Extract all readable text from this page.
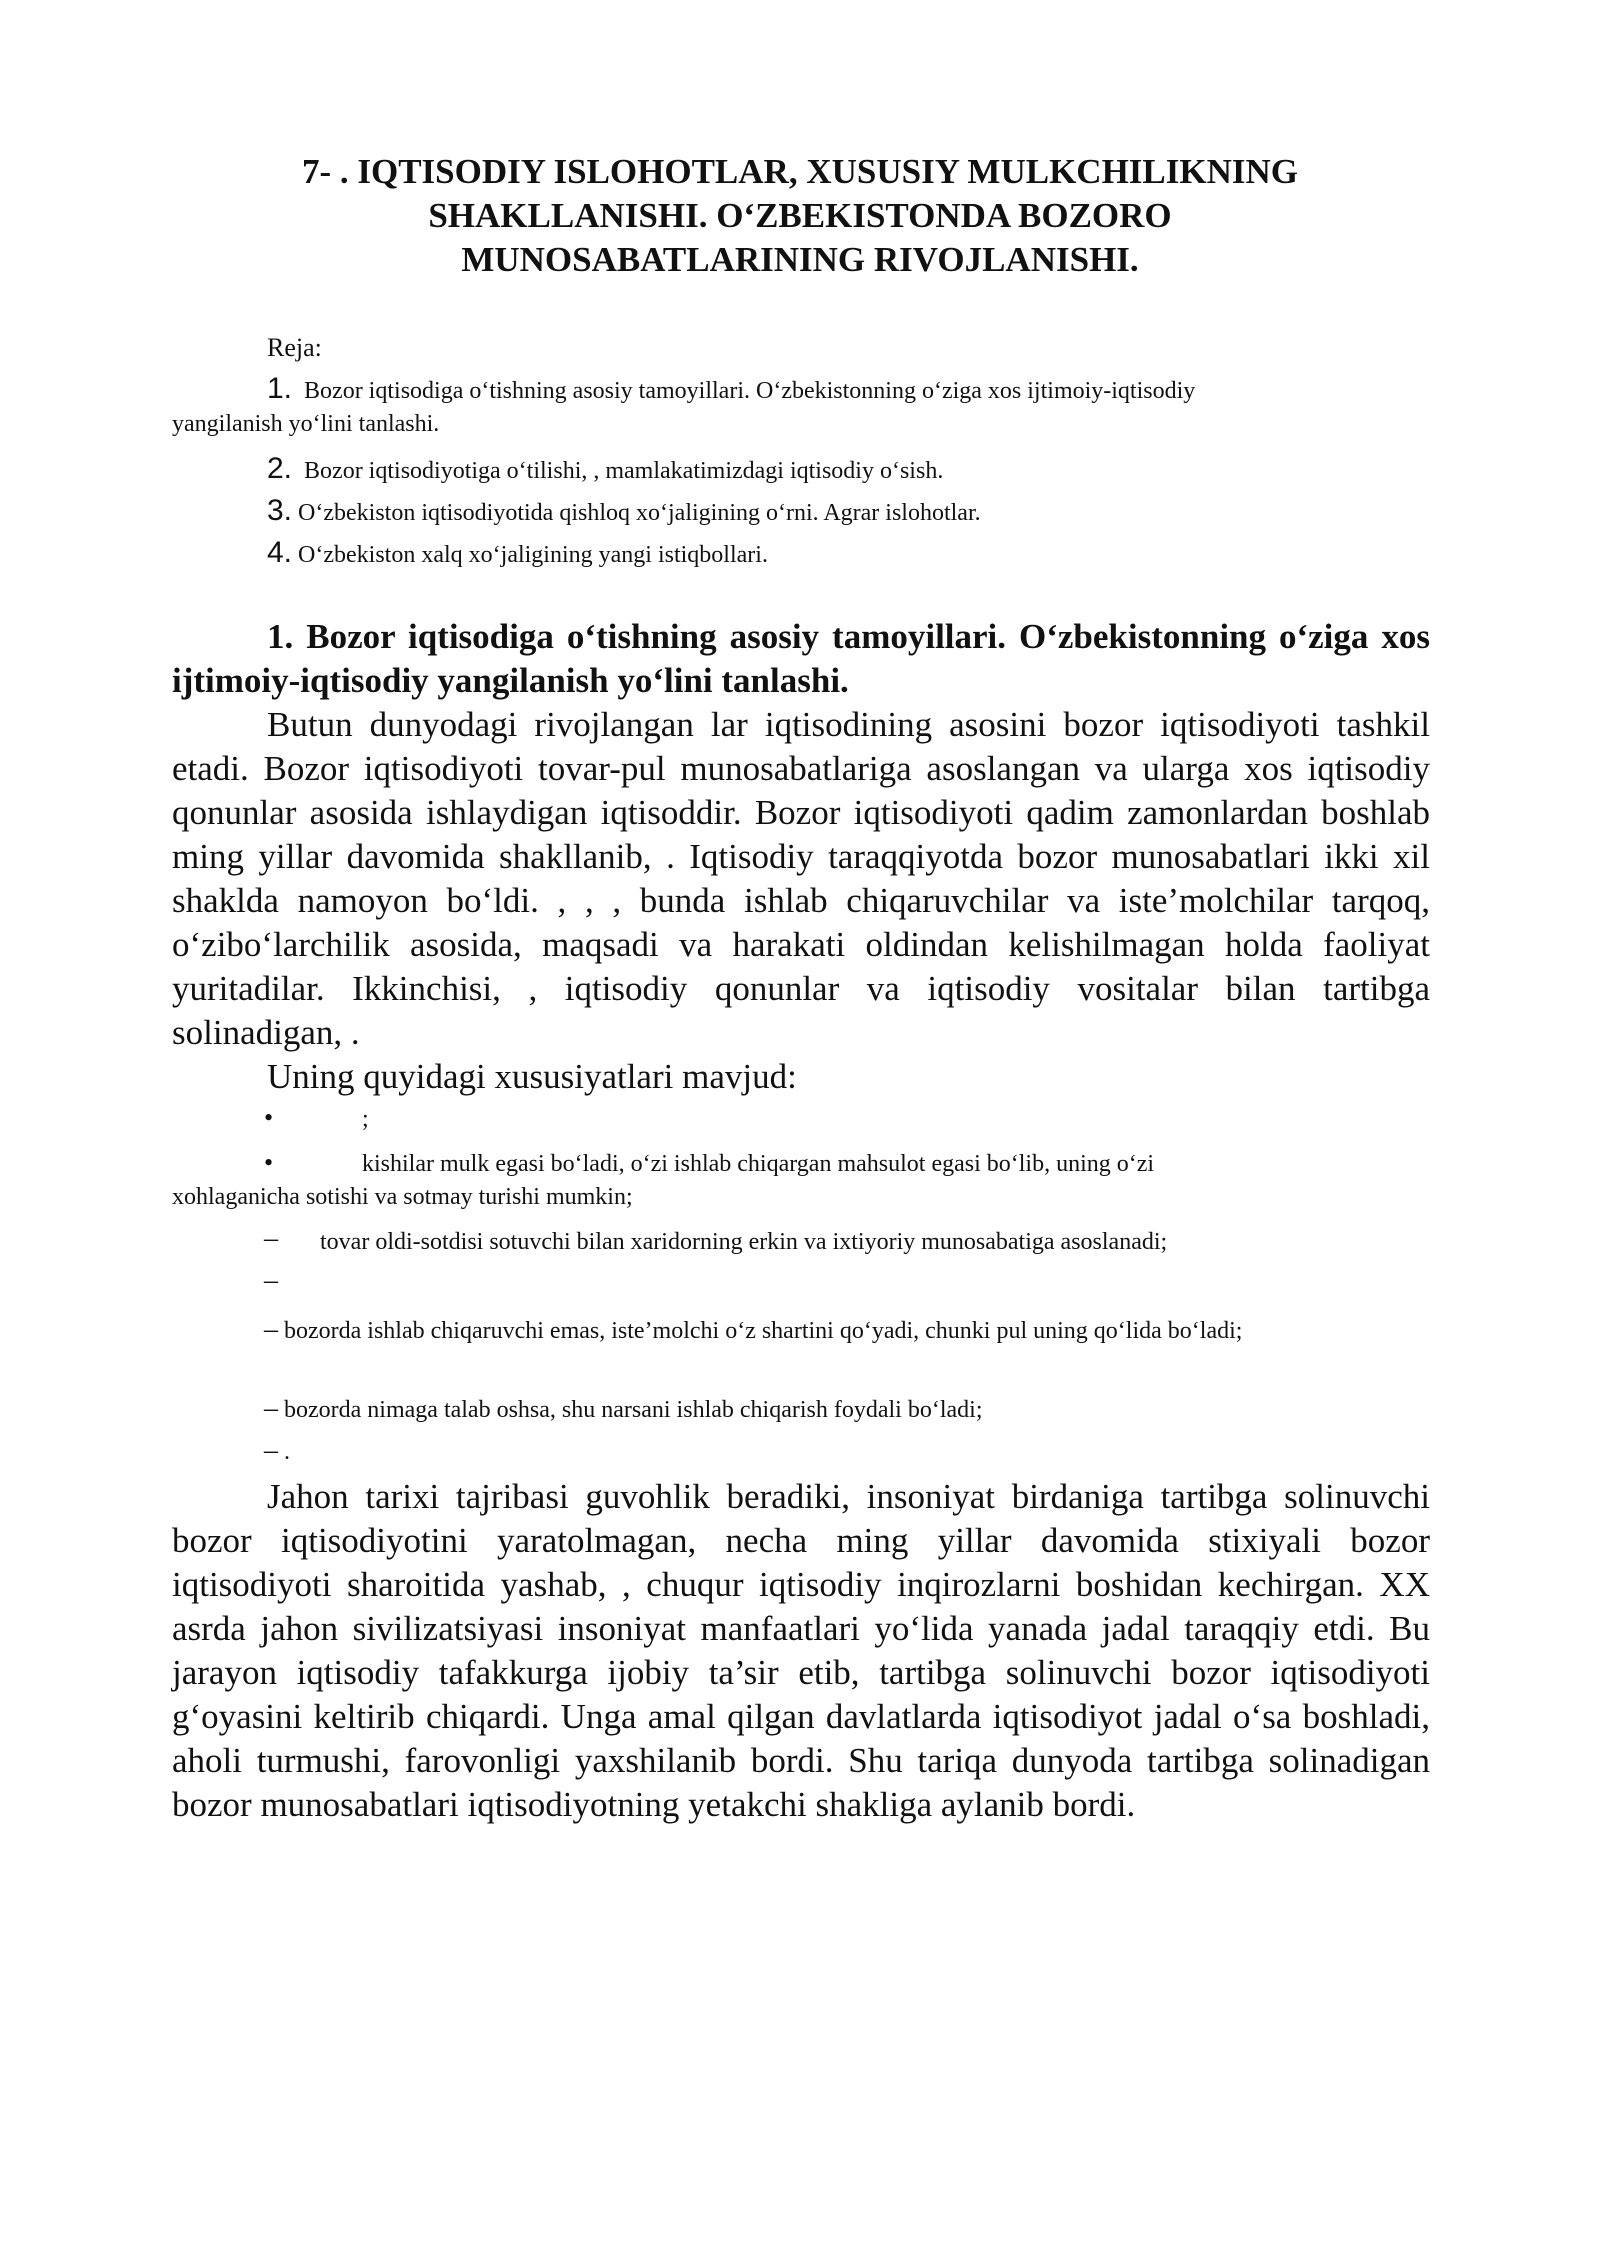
7- . IQTISODIY ISLOHOTLAR, XUSUSIY MULKCHILIKNING
SHAKLLANISHI. O‘ZBEKISTONDA BOZORO
MUNOSABATLARINING RIVOJLANISHI.
Reja:
1. Bozor iqtisodiga o‘tishning asosiy tamoyillari. O‘zbekistonning o‘ziga xos ijtimoiy-iqtisodiy
yangilanish yo‘lini tanlashi.
2. Bozor iqtisodiyotiga o‘tilishi, , mamlakatimizdagi iqtisodiy o‘sish.
3. O‘zbekiston iqtisodiyotida qishloq xo‘jaligining o‘rni. Agrar islohotlar.
4. O‘zbekiston xalq xo‘jaligining yangi istiqbollari.
1. Bozor iqtisodiga o‘tishning asosiy tamoyillari. O‘zbekistonning o‘ziga xos ijtimoiy-iqtisodiy yangilanish yo‘lini tanlashi.

Butun dunyodagi rivojlangan lar iqtisodining asosini bozor iqtisodiyoti tashkil etadi. Bozor iqtisodiyoti tovar-pul munosabatlariga asoslangan va ularga xos iqtisodiy qonunlar asosida ishlaydigan iqtisoddir. Bozor iqtisodiyoti qadim zamonlardan boshlab ming yillar davomida shakllanib, . Iqtisodiy taraqqiyotda bozor munosabatlari ikki xil shaklda namoyon bo‘ldi. , , , bunda ishlab chiqaruvchilar va iste’molchilar tarqoq, o‘zibo‘larchilik asosida, maqsadi va harakati oldindan kelishilmagan holda faoliyat yuritadilar. Ikkinchisi, , iqtisodiy qonunlar va iqtisodiy vositalar bilan tartibga solinadigan, .

Uning quyidagi xususiyatlari mavjud:

•	;
•	kishilar mulk egasi bo‘ladi, o‘zi ishlab chiqargan mahsulot egasi bo‘lib, uning o‘zi
xohlaganicha sotishi va sotmay turishi mumkin;
– tovar oldi-sotdisi sotuvchi bilan xaridorning erkin va ixtiyoriy munosabatiga asoslanadi;
–
– bozorda ishlab chiqaruvchi emas, iste’molchi o‘z shartini qo‘yadi, chunki pul uning qo‘lida bo‘ladi;
– bozorda nimaga talab oshsa, shu narsani ishlab chiqarish foydali bo‘ladi;
– .

Jahon tarixi tajribasi guvohlik beradiki, insoniyat birdaniga tartibga solinuvchi bozor iqtisodiyotini yaratolmagan, necha ming yillar davomida stixiyali bozor iqtisodiyoti sharoitida yashab, , chuqur iqtisodiy inqirozlarni boshidan kechirgan. XX asrda jahon sivilizatsiyasi insoniyat manfaatlari yo‘lida yanada jadal taraqqiy etdi. Bu jarayon iqtisodiy tafakkurga ijobiy ta’sir etib, tartibga solinuvchi bozor iqtisodiyoti g‘oyasini keltirib chiqardi. Unga amal qilgan davlatlarda iqtisodiyot jadal o‘sa boshladi, aholi turmushi, farovonligi yaxshilanib bordi. Shu tariqa dunyoda tartibga solinadigan bozor munosabatlari iqtisodiyotning yetakchi shakliga aylanib bordi.
